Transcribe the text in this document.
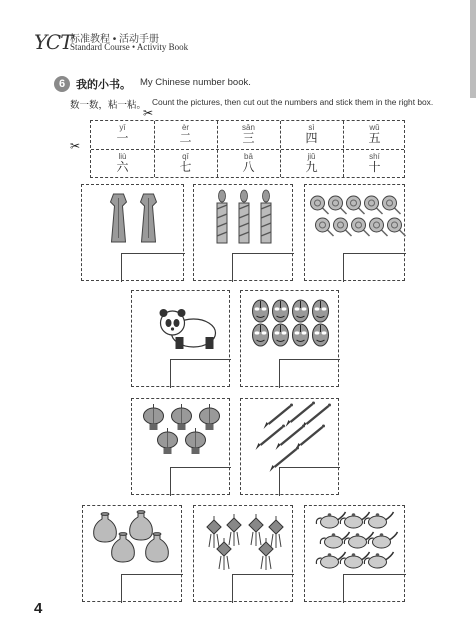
YCT
标准教程 • 活动手册
Standard Course • Activity Book
6 我的小书。 My Chinese number book.
数一数，粘一粘。 Count the pictures, then cut out the numbers and stick them in the right box.
✂
✂
yī
一
èr
二
sān
三
sì
四
wǔ
五
liù
六
qī
七
bā
八
jiǔ
九
shí
十
4
